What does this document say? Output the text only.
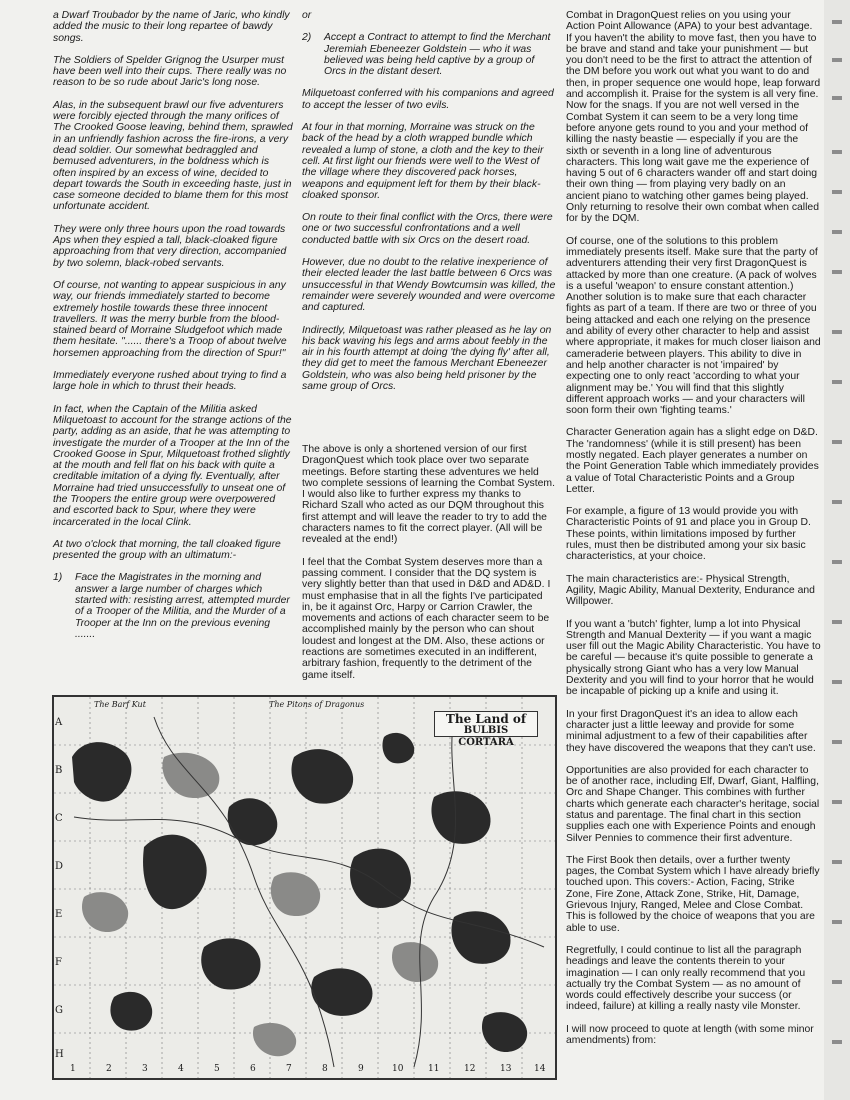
a Dwarf Troubador by the name of Jaric, who kindly added the music to their long repartee of bawdy songs.

The Soldiers of Spelder Grignog the Usurper must have been well into their cups. There really was no reason to be so rude about Jaric's long nose.

Alas, in the subsequent brawl our five adventurers were forcibly ejected through the many orifices of The Crooked Goose leaving, behind them, sprawled in an unfriendly fashion across the fire-irons, a very dead soldier. Our somewhat bedraggled and bemused adventurers, in the boldness which is often inspired by an excess of wine, decided to depart towards the South in exceeding haste, just in case someone decided to blame them for this most unfortunate accident.

They were only three hours upon the road towards Aps when they espied a tall, black-cloaked figure approaching from that very direction, accompanied by two solemn, black-robed servants.

Of course, not wanting to appear suspicious in any way, our friends immediately started to become extremely hostile towards these three innocent travellers. It was the merry burble from the blood-stained beard of Morraine Sludgefoot which made them hesitate. "...... there's a Troop of about twelve horsemen approaching from the direction of Spur!"

Immediately everyone rushed about trying to find a large hole in which to thrust their heads.

In fact, when the Captain of the Militia asked Milquetoast to account for the strange actions of the party, adding as an aside, that he was attempting to investigate the murder of a Trooper at the Inn of the Crooked Goose in Spur, Milquetoast frothed slightly at the mouth and fell flat on his back with quite a creditable imitation of a dying fly. Eventually, after Morraine had tried unsuccessfully to unseat one of the Troopers the entire group were overpowered and escorted back to Spur, where they were incarcerated in the local Clink.

At two o'clock that morning, the tall cloaked figure presented the group with an ultimatum:-

1)	Face the Magistrates in the morning and answer a large number of charges which started with: resisting arrest, attempted murder of a Trooper of the Militia, and the Murder of a Trooper at the Inn on the previous evening .......

or

2)	Accept a Contract to attempt to find the Merchant Jeremiah Ebeneezer Goldstein — who it was believed was being held captive by a group of Orcs in the distant desert.

Milquetoast conferred with his companions and agreed to accept the lesser of two evils.

At four in that morning, Morraine was struck on the back of the head by a cloth wrapped bundle which revealed a lump of stone, a cloth and the key to their cell. At first light our friends were well to the West of the village where they discovered pack horses, weapons and equipment left for them by their black-cloaked sponsor.

On route to their final conflict with the Orcs, there were one or two successful confrontations and a well conducted battle with six Orcs on the desert road.

However, due no doubt to the relative inexperience of their elected leader the last battle between 6 Orcs was unsuccessful in that Wendy Bowtcumsin was killed, the remainder were severely wounded and were overcome and captured.

Indirectly, Milquetoast was rather pleased as he lay on his back waving his legs and arms about feebly in the air in his fourth attempt at doing 'the dying fly' after all, they did get to meet the famous Merchant Ebeneezer Goldstein, who was also being held prisoner by the same group of Orcs.

The above is only a shortened version of our first DragonQuest which took place over two separate meetings. Before starting these adventures we held two complete sessions of learning the Combat System. I would also like to further express my thanks to Richard Szall who acted as our DQM throughout this first attempt and will leave the reader to try to add the characters names to fit the correct player. (All will be revealed at the end!)

I feel that the Combat System deserves more than a passing comment. I consider that the DQ system is very slightly better than that used in D&D and AD&D. I must emphasise that in all the fights I've participated in, be it against Orc, Harpy or Carrion Crawler, the movements and actions of each character seem to be accomplished mainly by the person who can shout loudest and longest at the DM. Also, these actions or reactions are sometimes executed in an indifferent, arbitrary fashion, frequently to the detriment of the game itself.

Combat in DragonQuest relies on you using your Action Point Allowance (APA) to your best advantage. If you haven't the ability to move fast, then you have to be brave and stand and take your punishment — but you don't need to be the first to attract the attention of the DM before you work out what you want to do and then, in proper sequence one would hope, leap forward and accomplish it. Praise for the system is all very fine. Now for the snags. If you are not well versed in the Combat System it can seem to be a very long time before anyone gets round to you and your method of killing the nasty beastie — especially if you are the sixth or seventh in a long line of adventurous characters. This long wait gave me the experience of having 5 out of 6 characters wander off and start doing their own thing — from playing very badly on an ancient piano to watching other games being played. Only returning to resolve their own combat when called for by the DQM.

Of course, one of the solutions to this problem immediately presents itself. Make sure that the party of adventurers attending their very first DragonQuest is attacked by more than one creature. (A pack of wolves is a useful 'weapon' to ensure constant attention.) Another solution is to make sure that each character fights as part of a team. If there are two or three of you being attacked and each one relying on the presence and ability of every other character to help and assist where appropriate, it makes for much closer liaison and cameraderie between players. This ability to dive in and help another character is not 'impaired' by expecting one to only react 'according to what your alignment may be.' You will find that this slightly different approach works — and your characters will soon form their own 'fighting teams.'

Character Generation again has a slight edge on D&D. The 'randomness' (while it is still present) has been mostly negated. Each player generates a number on the Point Generation Table which immediately provides a value of Total Characteristic Points and a Group Letter.

For example, a figure of 13 would provide you with Characteristic Points of 91 and place you in Group D. These points, within limitations imposed by further rules, must then be distributed among your six basic characteristics, at your choice.

The main characteristics are:- Physical Strength, Agility, Magic Ability, Manual Dexterity, Endurance and Willpower.

If you want a 'butch' fighter, lump a lot into Physical Strength and Manual Dexterity — if you want a magic user fill out the Magic Ability Characteristic. You have to be careful — because it's quite possible to generate a physically strong Giant who has a very low Manual Dexterity and you will find to your horror that he would be incapable of picking up a knife and using it.

In your first DragonQuest it's an idea to allow each character just a little leeway and provide for some minimal adjustment to a few of their capabilities after they have discovered the weapons that they can't use.

Opportunities are also provided for each character to be of another race, including Elf, Dwarf, Giant, Halfling, Orc and Shape Changer. This combines with further charts which generate each character's heritage, social status and parentage. The final chart in this section supplies each one with Experience Points and enough Silver Pennies to commence their first adventure.

The First Book then details, over a further twenty pages, the Combat System which I have already briefly touched upon. This covers:- Action, Facing, Strike Zone, Fire Zone, Attack Zone, Strike, Hit, Damage, Grievous Injury, Ranged, Melee and Close Combat. This is followed by the choice of weapons that you are able to use.

Regretfully, I could continue to list all the paragraph headings and leave the contents therein to your imagination — I can only really recommend that you actually try the Combat System — as no amount of words could effectively describe your success (or indeed, failure) at killing a really nasty vile Monster.

I will now proceed to quote at length (with some minor amendments) from:

The Barf Kut	The Pitons of Dragonus
The Land of
BULBIS CORTARA
A
B
C
D
E
F
G
H
1	2	3	4	5	6	7	8	9	10	11	12	13	14
